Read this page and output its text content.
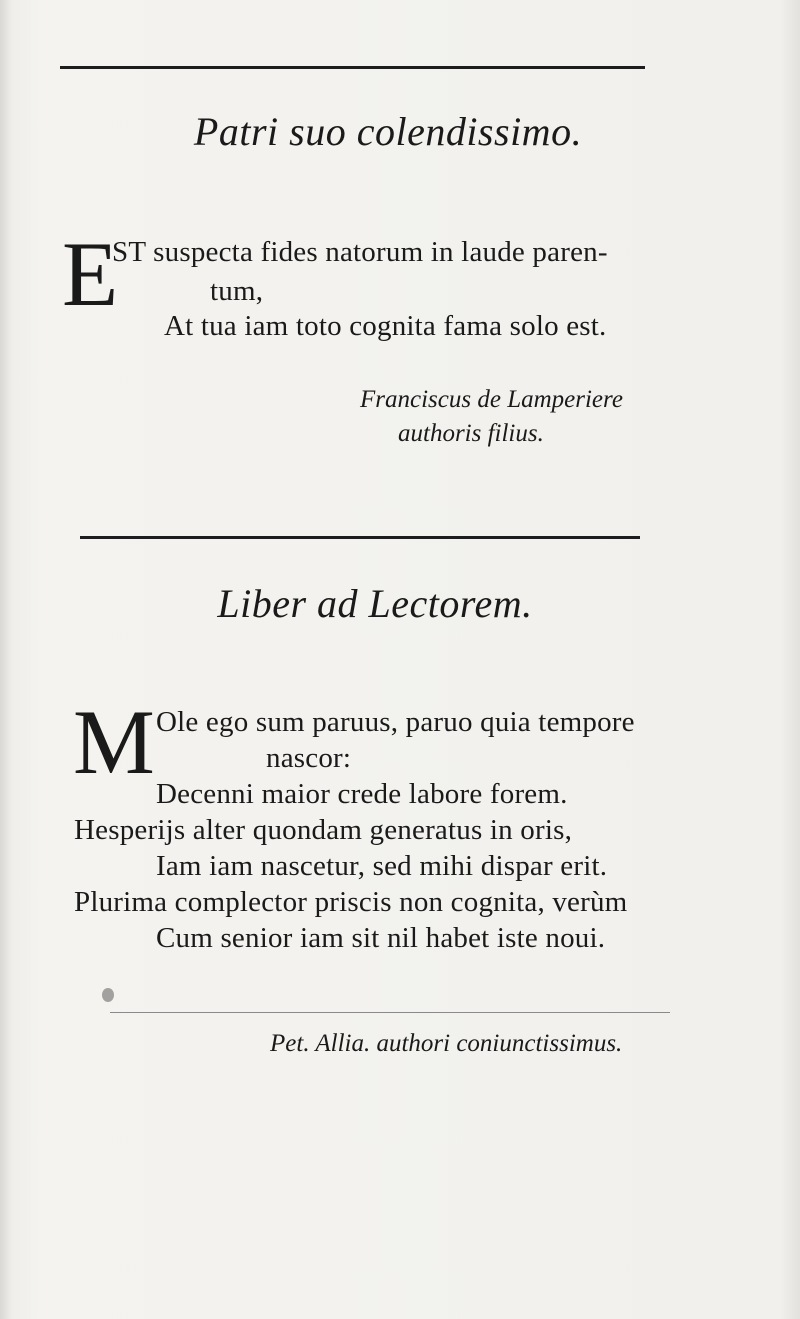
Patri suo colendissimo.
E
ST suspecta fides natorum in laude paren-
tum,
At tua iam toto cognita fama solo est.
Franciscus de Lamperiere
authoris filius.
Liber ad Lectorem.
M Ole ego sum paruus, paruo quia tempore
nascor:
Decenni maior crede labore forem.
Hesperijs alter quondam generatus in oris,
Iam iam nascetur, sed mihi dispar erit.
Plurima complector priscis non cognita, verùm
Cum senior iam sit nil habet iste noui.
Pet. Allia. authori coniunctissimus.
